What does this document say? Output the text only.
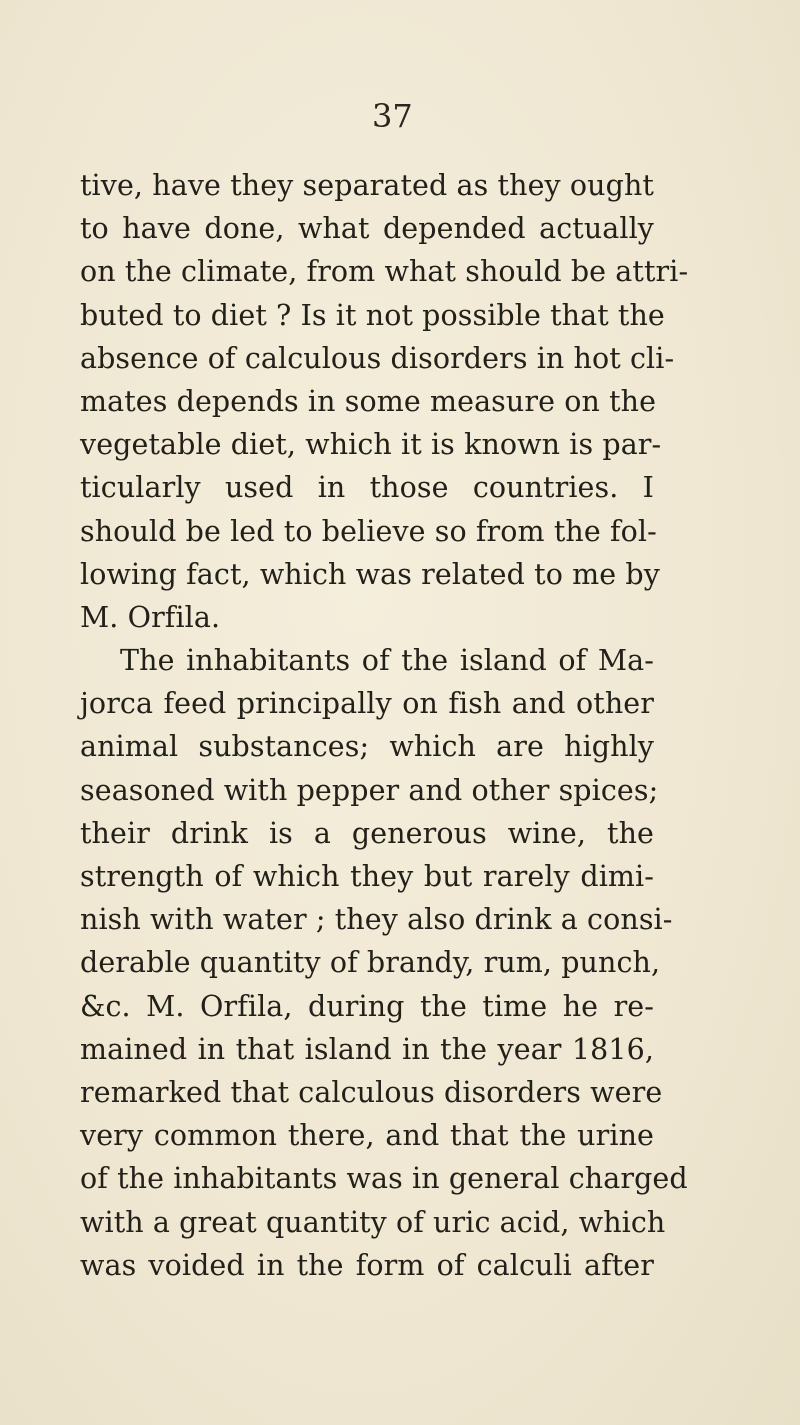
37
tive, have they separated as they ought
to have done, what depended actually
on the climate, from what should be attri-
buted to diet ? Is it not possible that the
absence of calculous disorders in hot cli-
mates depends in some measure on the
vegetable diet, which it is known is par-
ticularly used in those countries. I
should be led to believe so from the fol-
lowing fact, which was related to me by
M. Orfila.
The inhabitants of the island of Ma-
jorca feed principally on fish and other
animal substances; which are highly
seasoned with pepper and other spices;
their drink is a generous wine, the
strength of which they but rarely dimi-
nish with water ; they also drink a consi-
derable quantity of brandy, rum, punch,
&c. M. Orfila, during the time he re-
mained in that island in the year 1816,
remarked that calculous disorders were
very common there, and that the urine
of the inhabitants was in general charged
with a great quantity of uric acid, which
was voided in the form of calculi after
